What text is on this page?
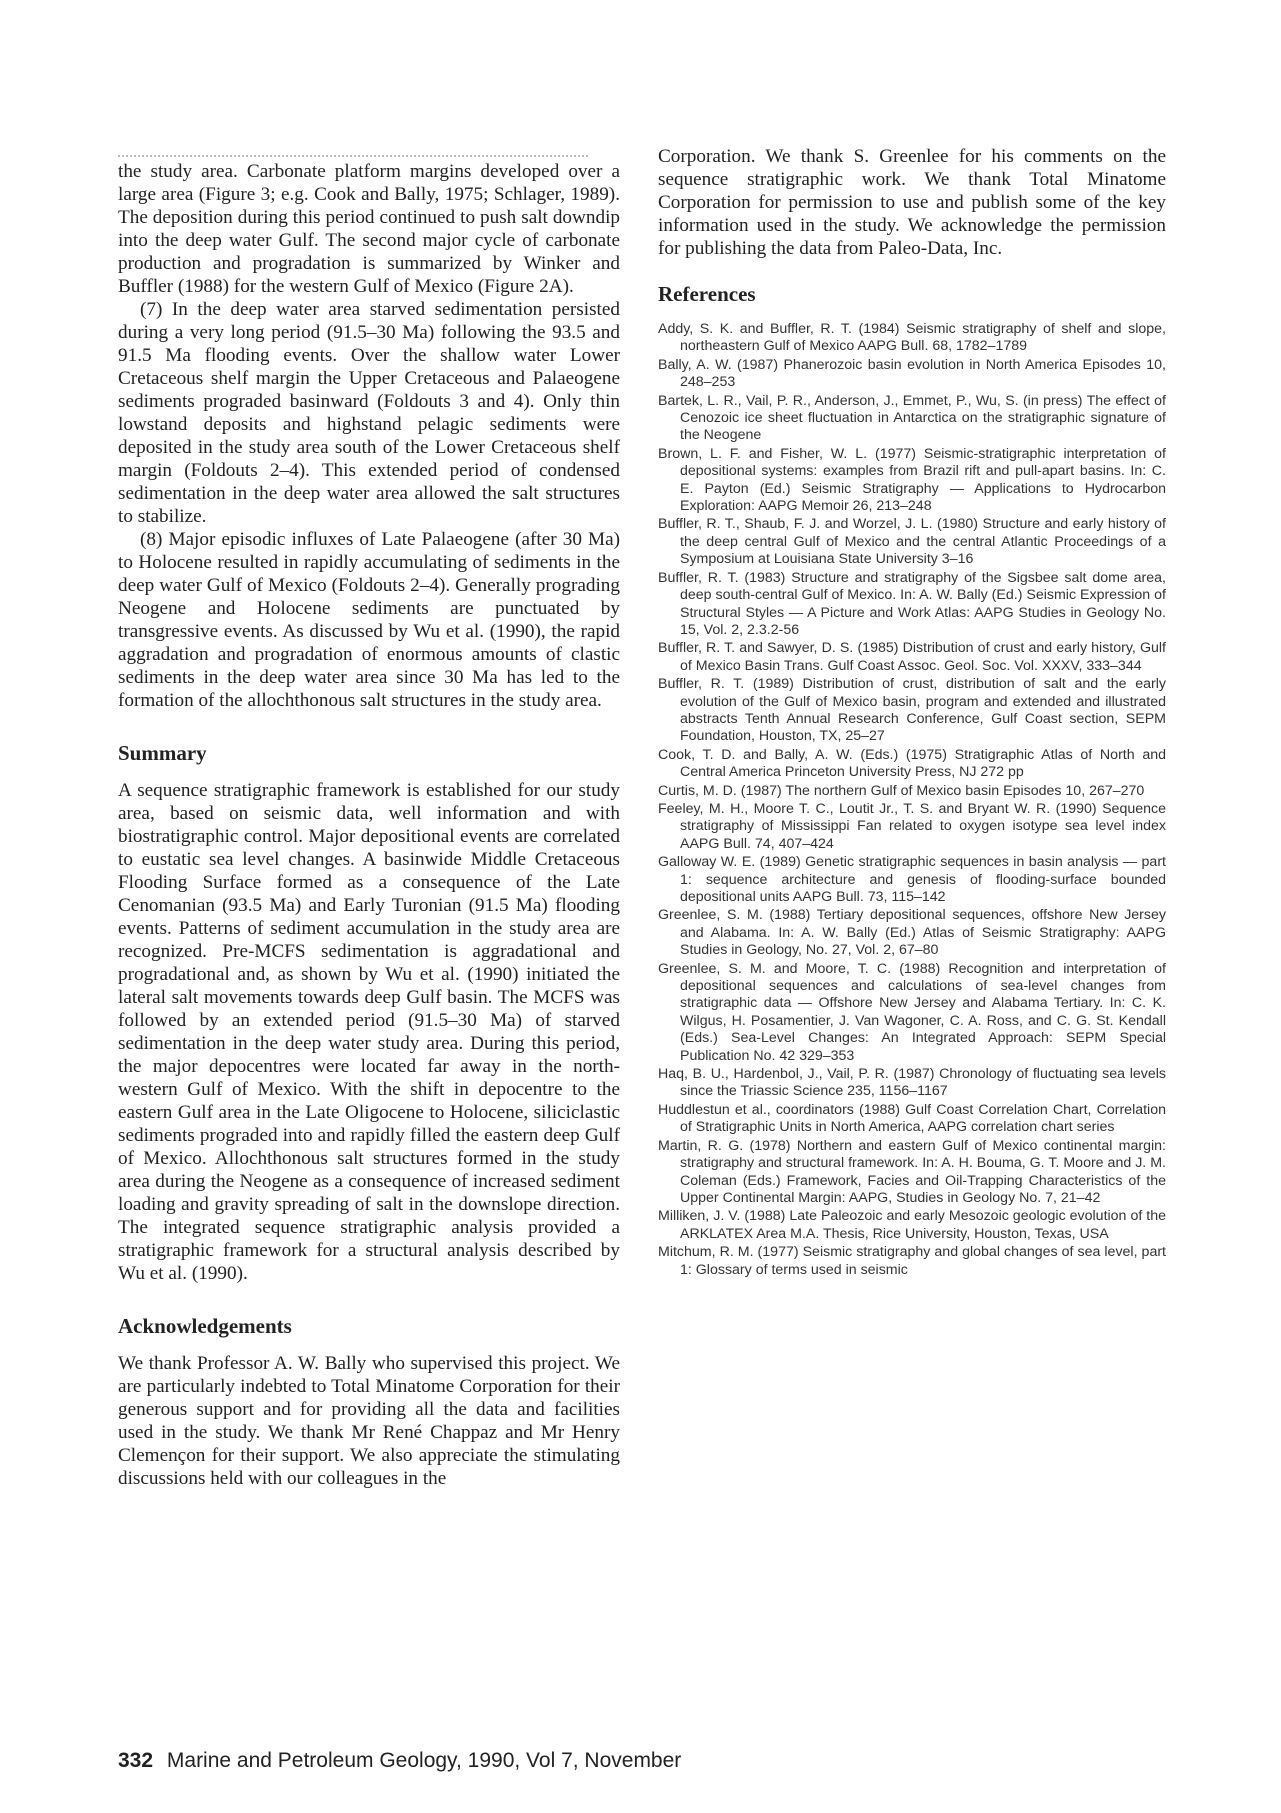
the study area. Carbonate platform margins developed over a large area (Figure 3; e.g. Cook and Bally, 1975; Schlager, 1989). The deposition during this period continued to push salt downdip into the deep water Gulf. The second major cycle of carbonate production and progradation is summarized by Winker and Buffler (1988) for the western Gulf of Mexico (Figure 2A).

(7) In the deep water area starved sedimentation persisted during a very long period (91.5–30 Ma) following the 93.5 and 91.5 Ma flooding events. Over the shallow water Lower Cretaceous shelf margin the Upper Cretaceous and Palaeogene sediments prograded basinward (Foldouts 3 and 4). Only thin lowstand deposits and highstand pelagic sediments were deposited in the study area south of the Lower Cretaceous shelf margin (Foldouts 2–4). This extended period of condensed sedimentation in the deep water area allowed the salt structures to stabilize.

(8) Major episodic influxes of Late Palaeogene (after 30 Ma) to Holocene resulted in rapidly accumulating of sediments in the deep water Gulf of Mexico (Foldouts 2–4). Generally prograding Neogene and Holocene sediments are punctuated by transgressive events. As discussed by Wu et al. (1990), the rapid aggradation and progradation of enormous amounts of clastic sediments in the deep water area since 30 Ma has led to the formation of the allochthonous salt structures in the study area.

Summary

A sequence stratigraphic framework is established for our study area, based on seismic data, well information and with biostratigraphic control. Major depositional events are correlated to eustatic sea level changes. A basinwide Middle Cretaceous Flooding Surface formed as a consequence of the Late Cenomanian (93.5 Ma) and Early Turonian (91.5 Ma) flooding events. Patterns of sediment accumulation in the study area are recognized. Pre-MCFS sedimentation is aggradational and progradational and, as shown by Wu et al. (1990) initiated the lateral salt movements towards deep Gulf basin. The MCFS was followed by an extended period (91.5–30 Ma) of starved sedimentation in the deep water study area. During this period, the major depocentres were located far away in the north-western Gulf of Mexico. With the shift in depocentre to the eastern Gulf area in the Late Oligocene to Holocene, siliciclastic sediments prograded into and rapidly filled the eastern deep Gulf of Mexico. Allochthonous salt structures formed in the study area during the Neogene as a consequence of increased sediment loading and gravity spreading of salt in the downslope direction. The integrated sequence stratigraphic analysis provided a stratigraphic framework for a structural analysis described by Wu et al. (1990).

Acknowledgements

We thank Professor A. W. Bally who supervised this project. We are particularly indebted to Total Minatome Corporation for their generous support and for providing all the data and facilities used in the study. We thank Mr René Chappaz and Mr Henry Clemençon for their support. We also appreciate the stimulating discussions held with our colleagues in the

Corporation. We thank S. Greenlee for his comments on the sequence stratigraphic work. We thank Total Minatome Corporation for permission to use and publish some of the key information used in the study. We acknowledge the permission for publishing the data from Paleo-Data, Inc.

References

Addy, S. K. and Buffler, R. T. (1984) Seismic stratigraphy of shelf and slope, northeastern Gulf of Mexico AAPG Bull. 68, 1782–1789

Bally, A. W. (1987) Phanerozoic basin evolution in North America Episodes 10, 248–253

Bartek, L. R., Vail, P. R., Anderson, J., Emmet, P., Wu, S. (in press) The effect of Cenozoic ice sheet fluctuation in Antarctica on the stratigraphic signature of the Neogene

Brown, L. F. and Fisher, W. L. (1977) Seismic-stratigraphic interpretation of depositional systems: examples from Brazil rift and pull-apart basins. In: C. E. Payton (Ed.) Seismic Stratigraphy — Applications to Hydrocarbon Exploration: AAPG Memoir 26, 213–248

Buffler, R. T., Shaub, F. J. and Worzel, J. L. (1980) Structure and early history of the deep central Gulf of Mexico and the central Atlantic Proceedings of a Symposium at Louisiana State University 3–16

Buffler, R. T. (1983) Structure and stratigraphy of the Sigsbee salt dome area, deep south-central Gulf of Mexico. In: A. W. Bally (Ed.) Seismic Expression of Structural Styles — A Picture and Work Atlas: AAPG Studies in Geology No. 15, Vol. 2, 2.3.2-56

Buffler, R. T. and Sawyer, D. S. (1985) Distribution of crust and early history, Gulf of Mexico Basin Trans. Gulf Coast Assoc. Geol. Soc. Vol. XXXV, 333–344

Buffler, R. T. (1989) Distribution of crust, distribution of salt and the early evolution of the Gulf of Mexico basin, program and extended and illustrated abstracts Tenth Annual Research Conference, Gulf Coast section, SEPM Foundation, Houston, TX, 25–27

Cook, T. D. and Bally, A. W. (Eds.) (1975) Stratigraphic Atlas of North and Central America Princeton University Press, NJ 272 pp

Curtis, M. D. (1987) The northern Gulf of Mexico basin Episodes 10, 267–270

Feeley, M. H., Moore T. C., Loutit Jr., T. S. and Bryant W. R. (1990) Sequence stratigraphy of Mississippi Fan related to oxygen isotype sea level index AAPG Bull. 74, 407–424

Galloway W. E. (1989) Genetic stratigraphic sequences in basin analysis — part 1: sequence architecture and genesis of flooding-surface bounded depositional units AAPG Bull. 73, 115–142

Greenlee, S. M. (1988) Tertiary depositional sequences, offshore New Jersey and Alabama. In: A. W. Bally (Ed.) Atlas of Seismic Stratigraphy: AAPG Studies in Geology, No. 27, Vol. 2, 67–80

Greenlee, S. M. and Moore, T. C. (1988) Recognition and interpretation of depositional sequences and calculations of sea-level changes from stratigraphic data — Offshore New Jersey and Alabama Tertiary. In: C. K. Wilgus, H. Posamentier, J. Van Wagoner, C. A. Ross, and C. G. St. Kendall (Eds.) Sea-Level Changes: An Integrated Approach: SEPM Special Publication No. 42 329–353

Haq, B. U., Hardenbol, J., Vail, P. R. (1987) Chronology of fluctuating sea levels since the Triassic Science 235, 1156–1167

Huddlestun et al., coordinators (1988) Gulf Coast Correlation Chart, Correlation of Stratigraphic Units in North America, AAPG correlation chart series

Martin, R. G. (1978) Northern and eastern Gulf of Mexico continental margin: stratigraphy and structural framework. In: A. H. Bouma, G. T. Moore and J. M. Coleman (Eds.) Framework, Facies and Oil-Trapping Characteristics of the Upper Continental Margin: AAPG, Studies in Geology No. 7, 21–42

Milliken, J. V. (1988) Late Paleozoic and early Mesozoic geologic evolution of the ARKLATEX Area M.A. Thesis, Rice University, Houston, Texas, USA

Mitchum, R. M. (1977) Seismic stratigraphy and global changes of sea level, part 1: Glossary of terms used in seismic

332 Marine and Petroleum Geology, 1990, Vol 7, November
